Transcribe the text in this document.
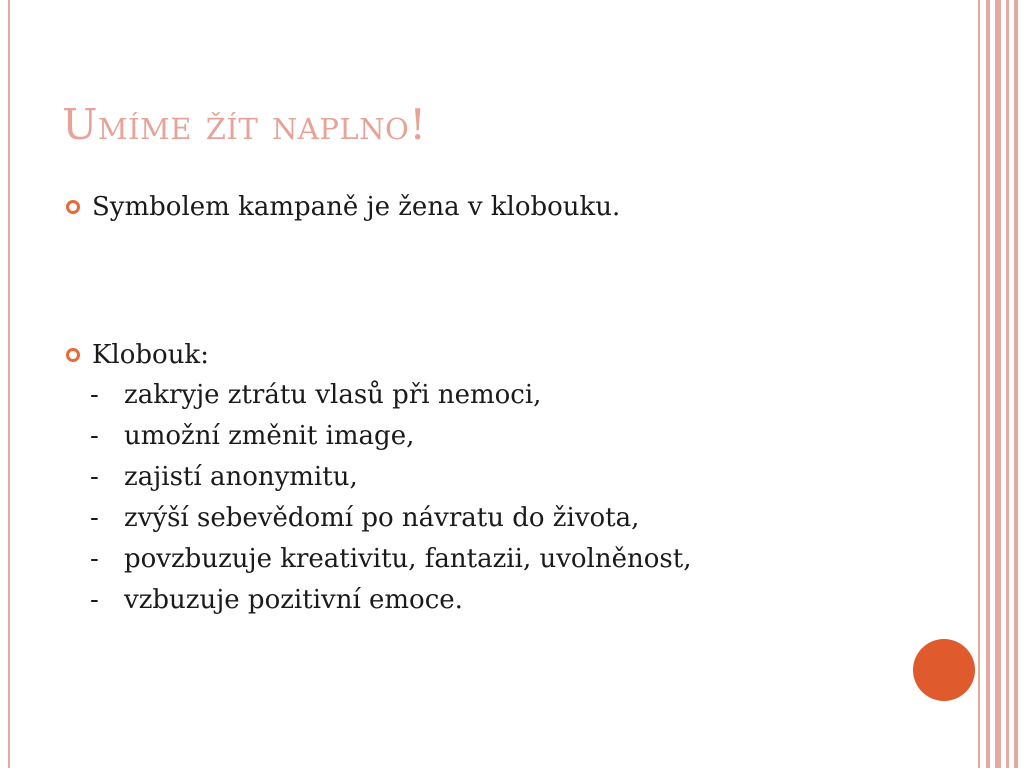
Umíme žít naplno!
Symbolem kampaně je žena v klobouku.
Klobouk:
- zakryje ztrátu vlasů při nemoci,
- umožní změnit image,
- zajistí anonymitu,
- zvýší sebevědomí po návratu do života,
- povzbuzuje kreativitu, fantazii, uvolněnost,
- vzbuzuje pozitivní emoce.
